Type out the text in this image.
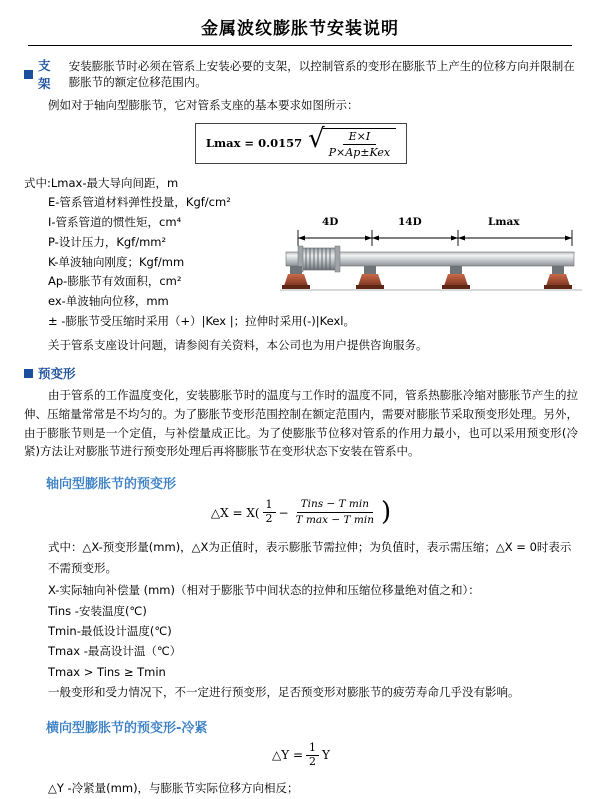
金属波纹膨胀节安装说明
支架
安装膨胀节时必须在管系上安装必要的支架，以控制管系的变形在膨胀节上产生的位移方向并限制在膨胀节的额定位移范围内。

例如对于轴向型膨胀节，它对管系支座的基本要求如图所示：

Lmax = 0.0157 √
$\frac{E\times I}{\text{P×Ap±Kex}}$
式中:Lmax-最大导向间距，m
E-管系管道材料弹性投量，Kgf/cm²
I-管系管道的惯性矩，cm⁴
P-设计压力，Kgf/mm²
K-单波轴向刚度；Kgf/mm
Ap-膨胀节有效面积，cm²
ex-单波轴向位移，mm
± -膨胀节受压缩时采用（+）|Kex |；拉伸时采用(-)|Kexl。
4D	14D	Lmax

关于管系支座设计问题，请参阅有关资料，本公司也为用户提供咨询服务。

预变形

由于管系的工作温度变化，安装膨胀节时的温度与工作时的温度不同，管系热膨胀冷缩对膨胀节产生的拉伸、压缩量常常是不均匀的。为了膨胀节变形范围控制在额定范围内，需要对膨胀节采取预变形处理。另外，由于膨胀节则是一个定值，与补偿量成正比。为了使膨胀节位移对管系的作用力最小，也可以采用预变形(冷紧)方法让对膨胀节进行预变形处理后再将膨胀节在变形状态下安装在管系中。

轴向型膨胀节的预变形
△X = $X( \frac{1}{2} - \frac{\text{Tins − T min}}{\text{T max − T min}}$ )
式中：△X-预变形量(mm)，△X为正值时，表示膨胀节需拉伸；为负值时，表示需压缩；△X = 0时表示不需预变形。
X-实际轴向补偿量 (mm)（相对于膨胀节中间状态的拉伸和压缩位移量绝对值之和）：
Tins -安装温度(℃)
Tmin-最低设计温度(℃)
Tmax -最高设计温（℃）
Tmax > Tins ≥ Tmin
一般变形和受力情况下，不一定进行预变形，足否预变形对膨胀节的疲劳寿命几乎没有影响。
横向型膨胀节的预变形-冷紧
△Y = $\frac{1}{2}$ Y
△Y -冷紧量(mm)，与膨胀节实际位移方向相反；
